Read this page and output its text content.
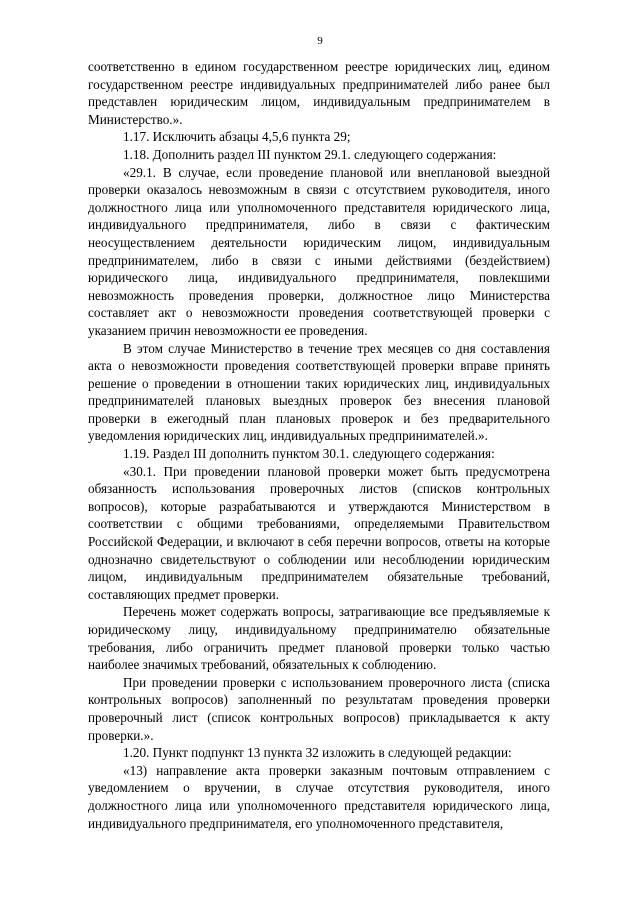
9

соответственно в едином государственном реестре юридических лиц, едином государственном реестре индивидуальных предпринимателей либо ранее был представлен юридическим лицом, индивидуальным предпринимателем в Министерство.».

1.17. Исключить абзацы 4,5,6 пункта 29;

1.18. Дополнить раздел III пунктом 29.1. следующего содержания:

«29.1. В случае, если проведение плановой или внеплановой выездной проверки оказалось невозможным в связи с отсутствием руководителя, иного должностного лица или уполномоченного представителя юридического лица, индивидуального предпринимателя, либо в связи с фактическим неосуществлением деятельности юридическим лицом, индивидуальным предпринимателем, либо в связи с иными действиями (бездействием) юридического лица, индивидуального предпринимателя, повлекшими невозможность проведения проверки, должностное лицо Министерства составляет акт о невозможности проведения соответствующей проверки с указанием причин невозможности ее проведения.

В этом случае Министерство в течение трех месяцев со дня составления акта о невозможности проведения соответствующей проверки вправе принять решение о проведении в отношении таких юридических лиц, индивидуальных предпринимателей плановых выездных проверок без внесения плановой проверки в ежегодный план плановых проверок и без предварительного уведомления юридических лиц, индивидуальных предпринимателей.».

1.19. Раздел III дополнить пунктом 30.1. следующего содержания:

«30.1. При проведении плановой проверки может быть предусмотрена обязанность использования проверочных листов (списков контрольных вопросов), которые разрабатываются и утверждаются Министерством в соответствии с общими требованиями, определяемыми Правительством Российской Федерации, и включают в себя перечни вопросов, ответы на которые однозначно свидетельствуют о соблюдении или несоблюдении юридическим лицом, индивидуальным предпринимателем обязательные требований, составляющих предмет проверки.

Перечень может содержать вопросы, затрагивающие все предъявляемые к юридическому лицу, индивидуальному предпринимателю обязательные требования, либо ограничить предмет плановой проверки только частью наиболее значимых требований, обязательных к соблюдению.

При проведении проверки с использованием проверочного листа (списка контрольных вопросов) заполненный по результатам проведения проверки проверочный лист (список контрольных вопросов) прикладывается к акту проверки.».

1.20. Пункт подпункт 13 пункта 32 изложить в следующей редакции:

«13) направление акта проверки заказным почтовым отправлением с уведомлением о вручении, в случае отсутствия руководителя, иного должностного лица или уполномоченного представителя юридического лица, индивидуального предпринимателя, его уполномоченного представителя,
